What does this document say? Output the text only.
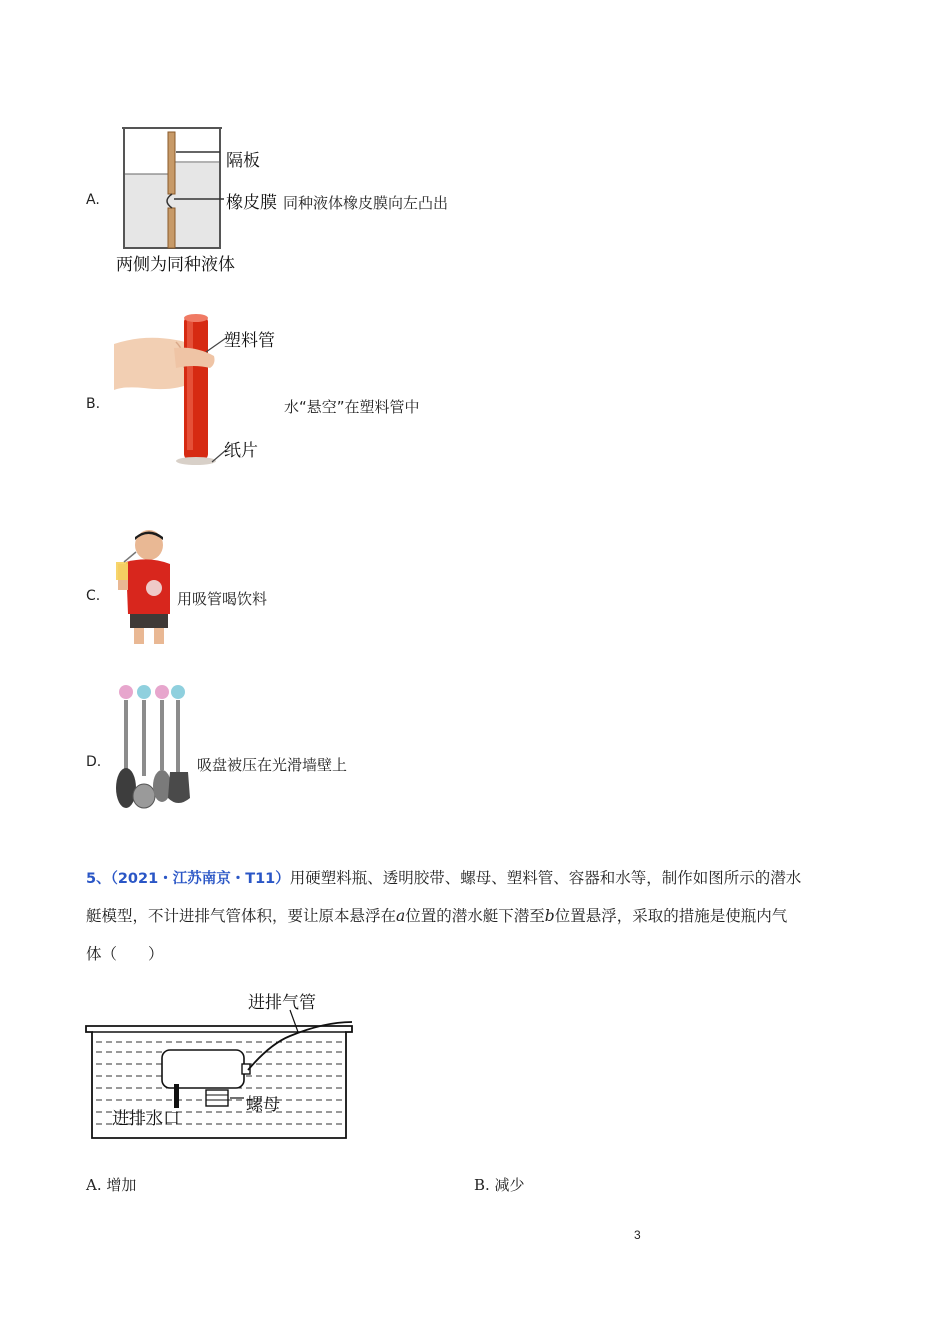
A.
隔板
橡皮膜 同种液体橡皮膜向左凸出
两侧为同种液体
B.
塑料管
水“悬空”在塑料管中
纸片
C.	用吸管喝饮料
D.	吸盘被压在光滑墙壁上
5、（2021・江苏南京・T11）用硬塑料瓶、透明胶带、螺母、塑料管、容器和水等，制作如图所示的潜水
艇模型，不计进排气管体积，要让原本悬浮在a位置的潜水艇下潜至b位置悬浮，采取的措施是使瓶内气
体（　　）
进排气管
进排水口
螺母
A. 增加	B. 减少
3
